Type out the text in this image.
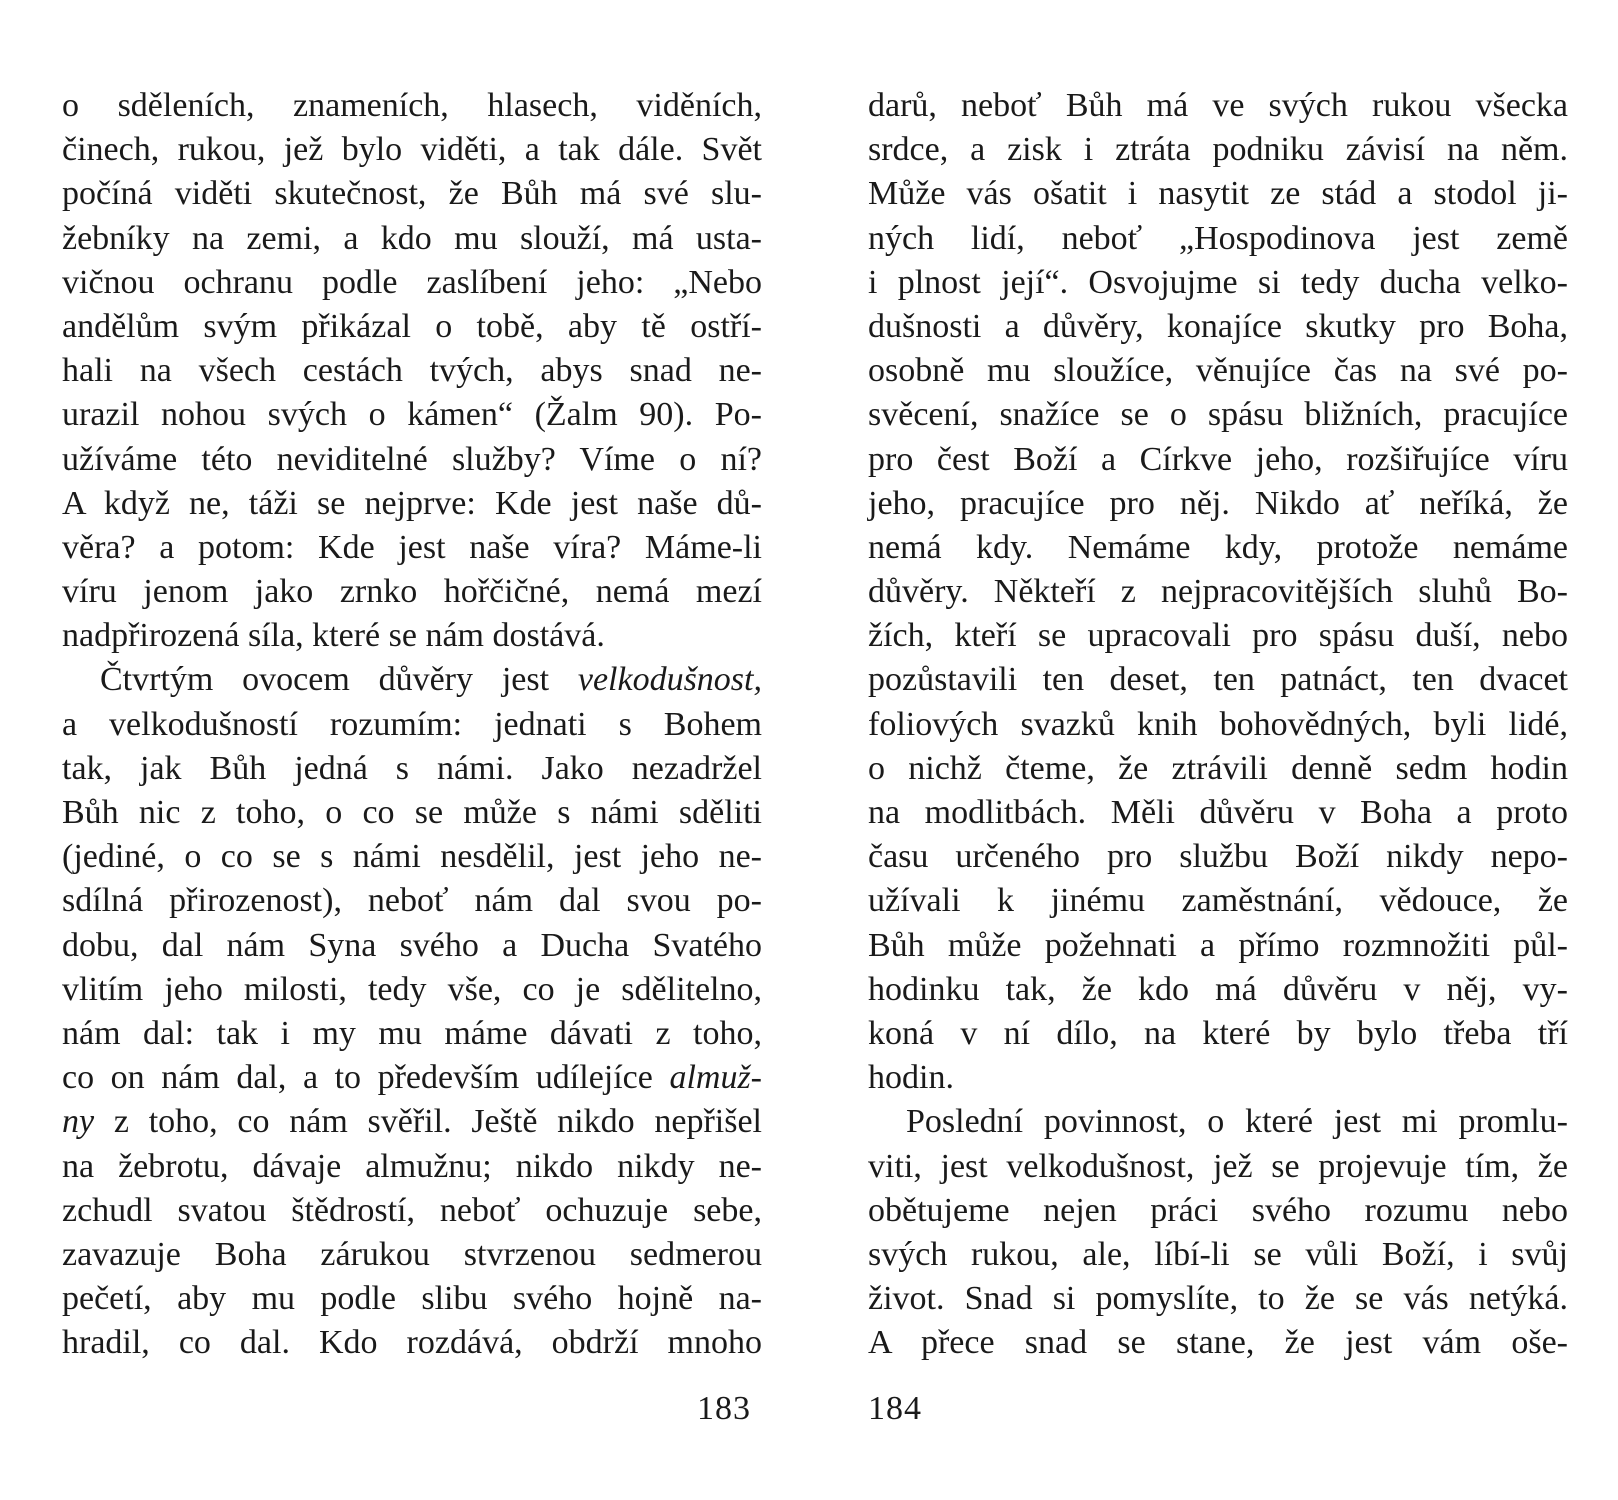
o sděleních, znameních, hlasech, viděních,
činech, rukou, jež bylo viděti, a tak dále. Svět
počíná viděti skutečnost, že Bůh má své slu-
žebníky na zemi, a kdo mu slouží, má usta-
vičnou ochranu podle zaslíbení jeho: „Nebo
andělům svým přikázal o tobě, aby tě ostří-
hali na všech cestách tvých, abys snad ne-
urazil nohou svých o kámen“ (Žalm 90). Po-
užíváme této neviditelné služby? Víme o ní?
A když ne, táži se nejprve: Kde jest naše dů-
věra? a potom: Kde jest naše víra? Máme-li
víru jenom jako zrnko hořčičné, nemá mezí
nadpřirozená síla, které se nám dostává.
Čtvrtým ovocem důvěry jest velkodušnost,
a velkodušností rozumím: jednati s Bohem
tak, jak Bůh jedná s námi. Jako nezadržel
Bůh nic z toho, o co se může s námi sděliti
(jediné, o co se s námi nesdělil, jest jeho ne-
sdílná přirozenost), neboť nám dal svou po-
dobu, dal nám Syna svého a Ducha Svatého
vlitím jeho milosti, tedy vše, co je sdělitelno,
nám dal: tak i my mu máme dávati z toho,
co on nám dal, a to především udílejíce almuž-
ny z toho, co nám svěřil. Ještě nikdo nepřišel
na žebrotu, dávaje almužnu; nikdo nikdy ne-
zchudl svatou štědrostí, neboť ochuzuje sebe,
zavazuje Boha zárukou stvrzenou sedmerou
pečetí, aby mu podle slibu svého hojně na-
hradil, co dal. Kdo rozdává, obdrží mnoho
183
darů, neboť Bůh má ve svých rukou všecka
srdce, a zisk i ztráta podniku závisí na něm.
Může vás ošatit i nasytit ze stád a stodol ji-
ných lidí, neboť „Hospodinova jest země
i plnost její“. Osvojujme si tedy ducha velko-
dušnosti a důvěry, konajíce skutky pro Boha,
osobně mu sloužíce, věnujíce čas na své po-
svěcení, snažíce se o spásu bližních, pracujíce
pro čest Boží a Církve jeho, rozšiřujíce víru
jeho, pracujíce pro něj. Nikdo ať neříká, že
nemá kdy. Nemáme kdy, protože nemáme
důvěry. Někteří z nejpracovitějších sluhů Bo-
žích, kteří se upracovali pro spásu duší, nebo
pozůstavili ten deset, ten patnáct, ten dvacet
foliových svazků knih bohovědných, byli lidé,
o nichž čteme, že ztrávili denně sedm hodin
na modlitbách. Měli důvěru v Boha a proto
času určeného pro službu Boží nikdy nepo-
užívali k jinému zaměstnání, vědouce, že
Bůh může požehnati a přímo rozmnožiti půl-
hodinku tak, že kdo má důvěru v něj, vy-
koná v ní dílo, na které by bylo třeba tří
hodin.
Poslední povinnost, o které jest mi promlu-
viti, jest velkodušnost, jež se projevuje tím, že
obětujeme nejen práci svého rozumu nebo
svých rukou, ale, líbí-li se vůli Boží, i svůj
život. Snad si pomyslíte, to že se vás netýká.
A přece snad se stane, že jest vám oše-
184
